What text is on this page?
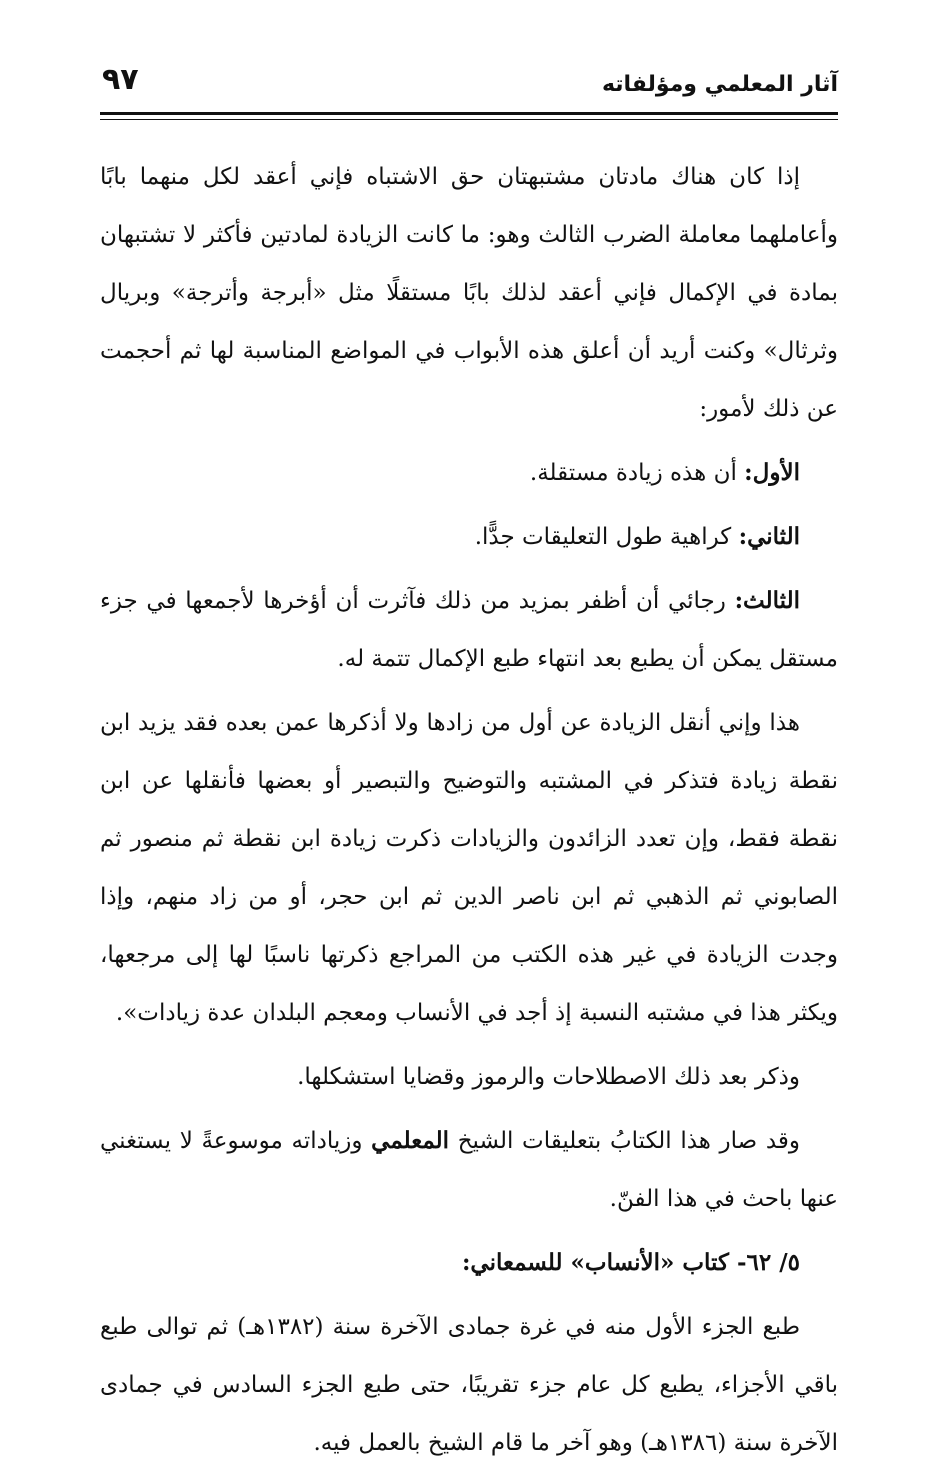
٩٧	آثار المعلمي ومؤلفاته

إذا كان هناك مادتان مشتبهتان حق الاشتباه فإني أعقد لكل منهما بابًا وأعاملهما معاملة الضرب الثالث وهو: ما كانت الزيادة لمادتين فأكثر لا تشتبهان بمادة في الإكمال فإني أعقد لذلك بابًا مستقلًا مثل «أبرجة وأترجة» وبريال وثرثال» وكنت أريد أن أعلق هذه الأبواب في المواضع المناسبة لها ثم أحجمت عن ذلك لأمور:

الأول: أن هذه زيادة مستقلة.

الثاني: كراهية طول التعليقات جدًّا.

الثالث: رجائي أن أظفر بمزيد من ذلك فآثرت أن أؤخرها لأجمعها في جزء مستقل يمكن أن يطبع بعد انتهاء طبع الإكمال تتمة له.

هذا وإني أنقل الزيادة عن أول من زادها ولا أذكرها عمن بعده فقد يزيد ابن نقطة زيادة فتذكر في المشتبه والتوضيح والتبصير أو بعضها فأنقلها عن ابن نقطة فقط، وإن تعدد الزائدون والزيادات ذكرت زيادة ابن نقطة ثم منصور ثم الصابوني ثم الذهبي ثم ابن ناصر الدين ثم ابن حجر، أو من زاد منهم، وإذا وجدت الزيادة في غير هذه الكتب من المراجع ذكرتها ناسبًا لها إلى مرجعها، ويكثر هذا في مشتبه النسبة إذ أجد في الأنساب ومعجم البلدان عدة زيادات».

وذكر بعد ذلك الاصطلاحات والرموز وقضايا استشكلها.

وقد صار هذا الكتابُ بتعليقات الشيخ المعلمي وزياداته موسوعةً لا يستغني عنها باحث في هذا الفنّ.

٥/ ٦٢- كتاب «الأنساب» للسمعاني:

طبع الجزء الأول منه في غرة جمادى الآخرة سنة (١٣٨٢هـ) ثم توالى طبع باقي الأجزاء، يطبع كل عام جزء تقريبًا، حتى طبع الجزء السادس في جمادى الآخرة سنة (١٣٨٦هـ) وهو آخر ما قام الشيخ بالعمل فيه.
